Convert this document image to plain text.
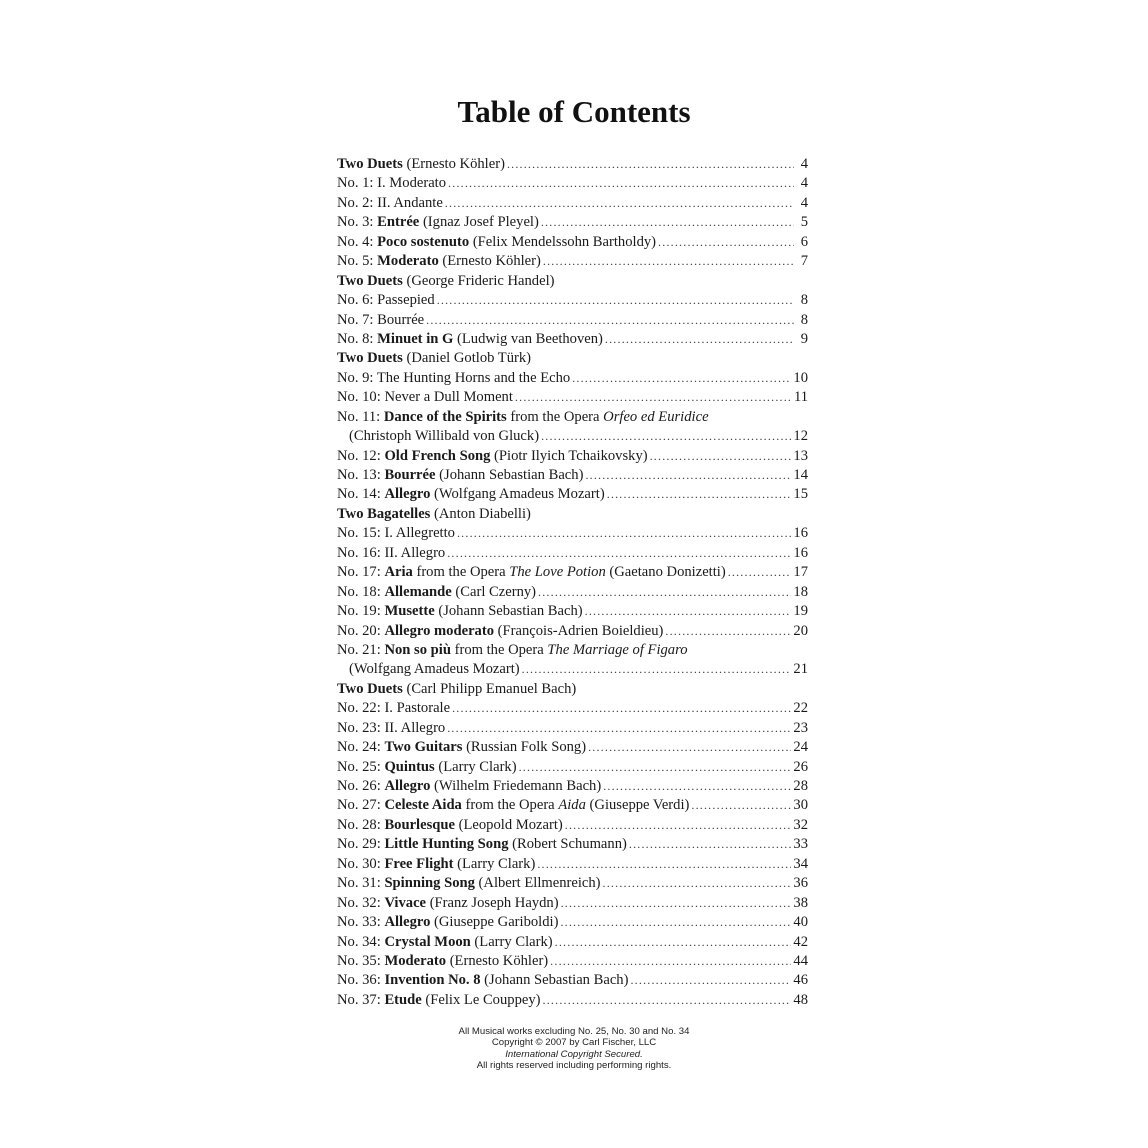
Table of Contents
Two Duets (Ernesto Köhler) .....	4
No. 1: I. Moderato .....	4
No. 2: II. Andante .....	4
No. 3: Entrée (Ignaz Josef Pleyel) .....	5
No. 4: Poco sostenuto (Felix Mendelssohn Bartholdy) .....	6
No. 5: Moderato (Ernesto Köhler) .....	7
Two Duets (George Frideric Handel)
No. 6: Passepied .....	8
No. 7: Bourrée .....	8
No. 8: Minuet in G (Ludwig van Beethoven) .....	9
Two Duets (Daniel Gotlob Türk)
No. 9: The Hunting Horns and the Echo .....	10
No. 10: Never a Dull Moment .....	11
No. 11: Dance of the Spirits from the Opera Orfeo ed Euridice
(Christoph Willibald von Gluck) .....	12
No. 12: Old French Song (Piotr Ilyich Tchaikovsky) .....	13
No. 13: Bourrée (Johann Sebastian Bach) .....	14
No. 14: Allegro (Wolfgang Amadeus Mozart) .....	15
Two Bagatelles (Anton Diabelli)
No. 15: I. Allegretto .....	16
No. 16: II. Allegro .....	16
No. 17: Aria from the Opera The Love Potion (Gaetano Donizetti) .....	17
No. 18: Allemande (Carl Czerny) .....	18
No. 19: Musette (Johann Sebastian Bach) .....	19
No. 20: Allegro moderato (François-Adrien Boieldieu) .....	20
No. 21: Non so più from the Opera The Marriage of Figaro
(Wolfgang Amadeus Mozart) .....	21
Two Duets (Carl Philipp Emanuel Bach)
No. 22: I. Pastorale .....	22
No. 23: II. Allegro .....	23
No. 24: Two Guitars (Russian Folk Song) .....	24
No. 25: Quintus (Larry Clark) .....	26
No. 26: Allegro (Wilhelm Friedemann Bach) .....	28
No. 27: Celeste Aida from the Opera Aida (Giuseppe Verdi) .....	30
No. 28: Bourlesque (Leopold Mozart) .....	32
No. 29: Little Hunting Song (Robert Schumann) .....	33
No. 30: Free Flight (Larry Clark) .....	34
No. 31: Spinning Song (Albert Ellmenreich) .....	36
No. 32: Vivace (Franz Joseph Haydn) .....	38
No. 33: Allegro (Giuseppe Gariboldi) .....	40
No. 34: Crystal Moon (Larry Clark) .....	42
No. 35: Moderato (Ernesto Köhler) .....	44
No. 36: Invention No. 8 (Johann Sebastian Bach) .....	46
No. 37: Etude (Felix Le Couppey) .....	48
All Musical works excluding No. 25, No. 30 and No. 34
Copyright © 2007 by Carl Fischer, LLC
International Copyright Secured.
All rights reserved including performing rights.
